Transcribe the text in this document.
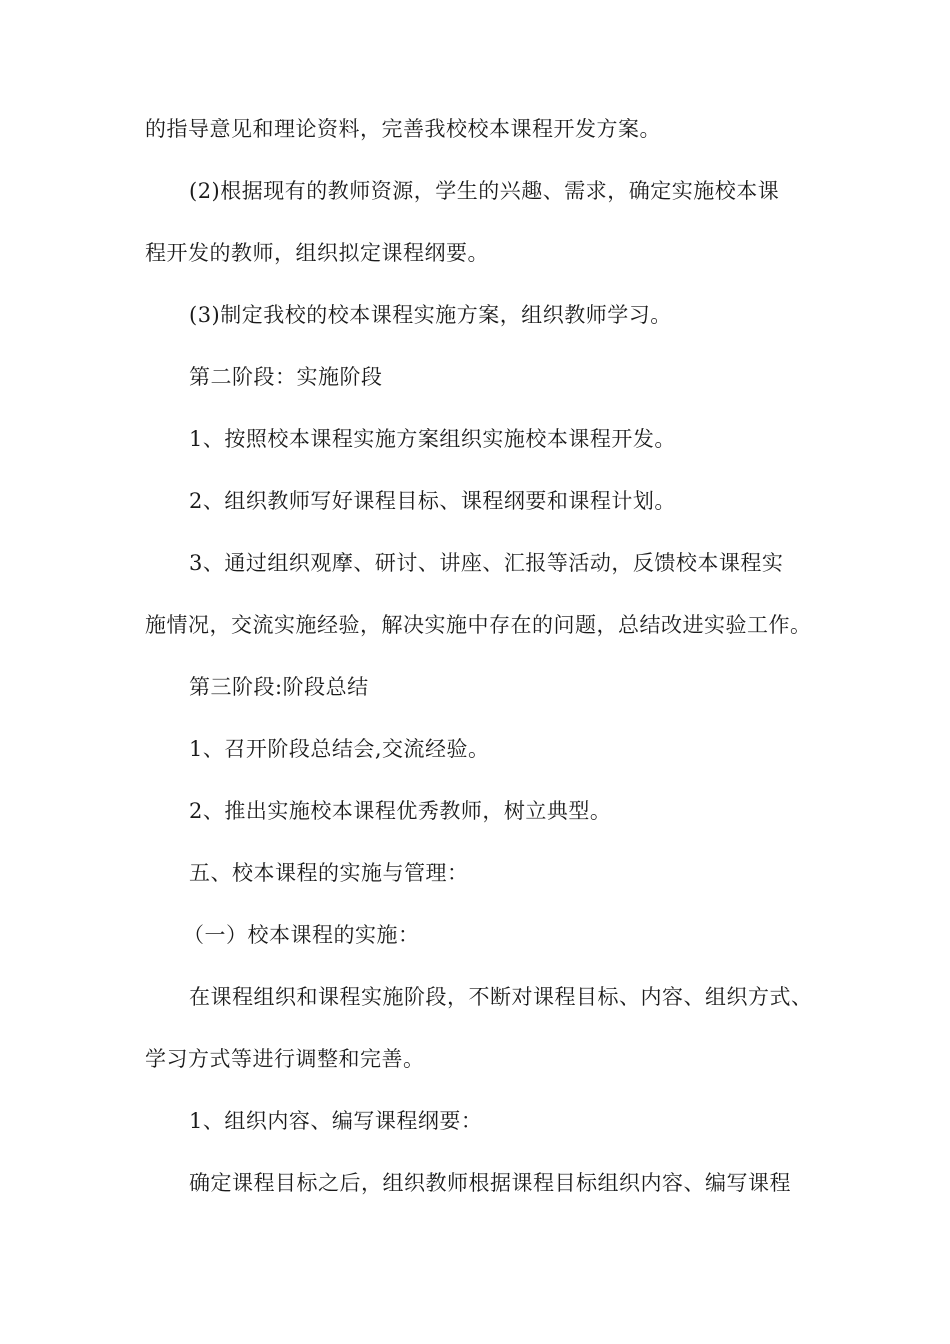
的指导意见和理论资料，完善我校校本课程开发方案。
(2)根据现有的教师资源，学生的兴趣、需求，确定实施校本课
程开发的教师，组织拟定课程纲要。
(3)制定我校的校本课程实施方案，组织教师学习。
第二阶段：实施阶段
1、按照校本课程实施方案组织实施校本课程开发。
2、组织教师写好课程目标、课程纲要和课程计划。
3、通过组织观摩、研讨、讲座、汇报等活动，反馈校本课程实
施情况，交流实施经验，解决实施中存在的问题，总结改进实验工作。
第三阶段:阶段总结
1、召开阶段总结会,交流经验。
2、推出实施校本课程优秀教师，树立典型。
五、校本课程的实施与管理：
（一）校本课程的实施：
在课程组织和课程实施阶段，不断对课程目标、内容、组织方式、
学习方式等进行调整和完善。
1、组织内容、编写课程纲要：
确定课程目标之后，组织教师根据课程目标组织内容、编写课程
